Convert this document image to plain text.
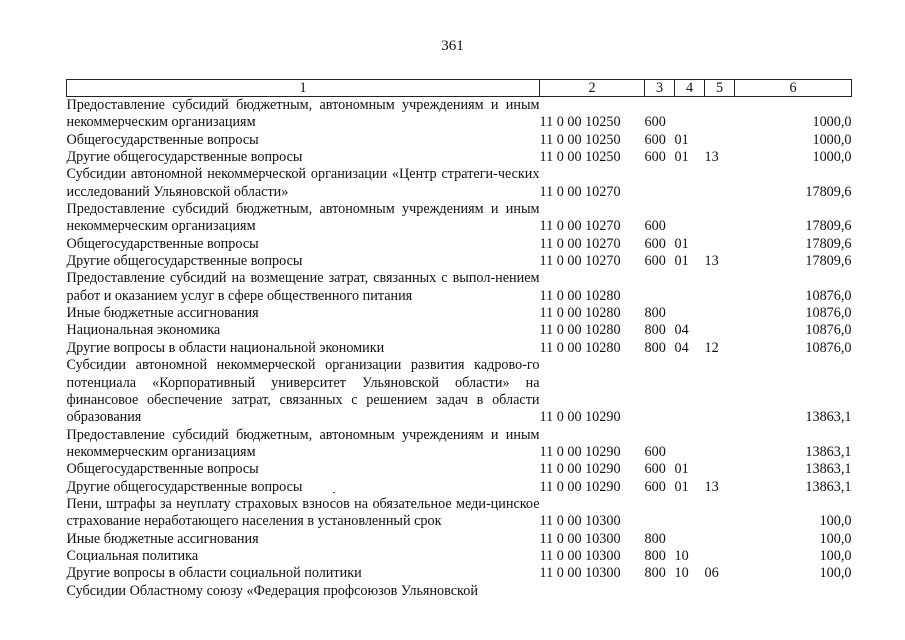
361
1	2	3	4	5	6
Предоставление субсидий бюджетным, автономным учреждениям и иным некоммерческим организациям	11 0 00 10250	600			1000,0
Общегосударственные вопросы	11 0 00 10250	600	01		1000,0
Другие общегосударственные вопросы	11 0 00 10250	600	01	13	1000,0
Субсидии автономной некоммерческой организации «Центр стратеги-ческих исследований Ульяновской области»	11 0 00 10270				17809,6
Предоставление субсидий бюджетным, автономным учреждениям и иным некоммерческим организациям	11 0 00 10270	600			17809,6
Общегосударственные вопросы	11 0 00 10270	600	01		17809,6
Другие общегосударственные вопросы	11 0 00 10270	600	01	13	17809,6
Предоставление субсидий на возмещение затрат, связанных с выпол-нением работ и оказанием услуг в сфере общественного питания	11 0 00 10280				10876,0
Иные бюджетные ассигнования	11 0 00 10280	800			10876,0
Национальная экономика	11 0 00 10280	800	04		10876,0
Другие вопросы в области национальной экономики	11 0 00 10280	800	04	12	10876,0
Субсидии автономной некоммерческой организации развития кадрово-го потенциала «Корпоративный университет Ульяновской области» на финансовое обеспечение затрат, связанных с решением задач в области образования	11 0 00 10290				13863,1
Предоставление субсидий бюджетным, автономным учреждениям и иным некоммерческим организациям	11 0 00 10290	600			13863,1
Общегосударственные вопросы	11 0 00 10290	600	01		13863,1
Другие общегосударственные вопросы	11 0 00 10290	600	01	13	13863,1
Пени, штрафы за неуплату страховых взносов на обязательное меди-цинское страхование неработающего населения в установленный срок	11 0 00 10300				100,0
Иные бюджетные ассигнования	11 0 00 10300	800			100,0
Социальная политика	11 0 00 10300	800	10		100,0
Другие вопросы в области социальной политики	11 0 00 10300	800	10	06	100,0
Субсидии Областному союзу «Федерация профсоюзов Ульяновской					
